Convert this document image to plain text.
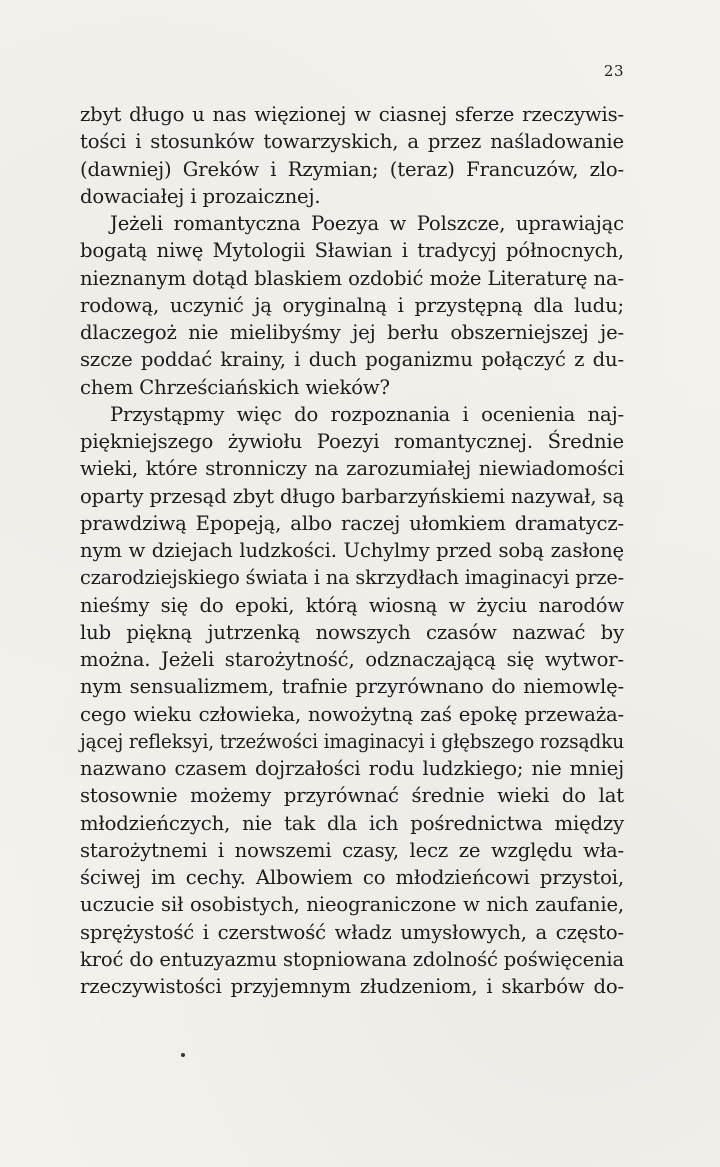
23
zbyt długo u nas więzionej w ciasnej sferze rzeczywis-
tości i stosunków towarzyskich, a przez naśladowanie
(dawniej) Greków i Rzymian; (teraz) Francuzów, zlo-
dowaciałej i prozaicznej.
Jeżeli romantyczna Poezya w Polszcze, uprawiając
bogatą niwę Mytologii Sławian i tradycyj północnych,
nieznanym dotąd blaskiem ozdobić może Literaturę na-
rodową, uczynić ją oryginalną i przystępną dla ludu;
dlaczegoż nie mielibyśmy jej berłu obszerniejszej je-
szcze poddać krainy, i duch poganizmu połączyć z du-
chem Chrześciańskich wieków?
Przystąpmy więc do rozpoznania i ocenienia naj-
piękniejszego żywiołu Poezyi romantycznej. Średnie
wieki, które stronniczy na zarozumiałej niewiadomości
oparty przesąd zbyt długo barbarzyńskiemi nazywał, są
prawdziwą Epopeją, albo raczej ułomkiem dramatycz-
nym w dziejach ludzkości. Uchylmy przed sobą zasłonę
czarodziejskiego świata i na skrzydłach imaginacyi prze-
nieśmy się do epoki, którą wiosną w życiu narodów
lub piękną jutrzenką nowszych czasów nazwać by
można. Jeżeli starożytność, odznaczającą się wytwor-
nym sensualizmem, trafnie przyrównano do niemowlę-
cego wieku człowieka, nowożytną zaś epokę przeważa-
jącej refleksyi, trzeźwości imaginacyi i głębszego rozsądku
nazwano czasem dojrzałości rodu ludzkiego; nie mniej
stosownie możemy przyrównać średnie wieki do lat
młodzieńczych, nie tak dla ich pośrednictwa między
starożytnemi i nowszemi czasy, lecz ze względu wła-
ściwej im cechy. Albowiem co młodzieńcowi przystoi,
uczucie sił osobistych, nieograniczone w nich zaufanie,
sprężystość i czerstwość władz umysłowych, a często-
kroć do entuzyazmu stopniowana zdolność poświęcenia
rzeczywistości przyjemnym złudzeniom, i skarbów do-
